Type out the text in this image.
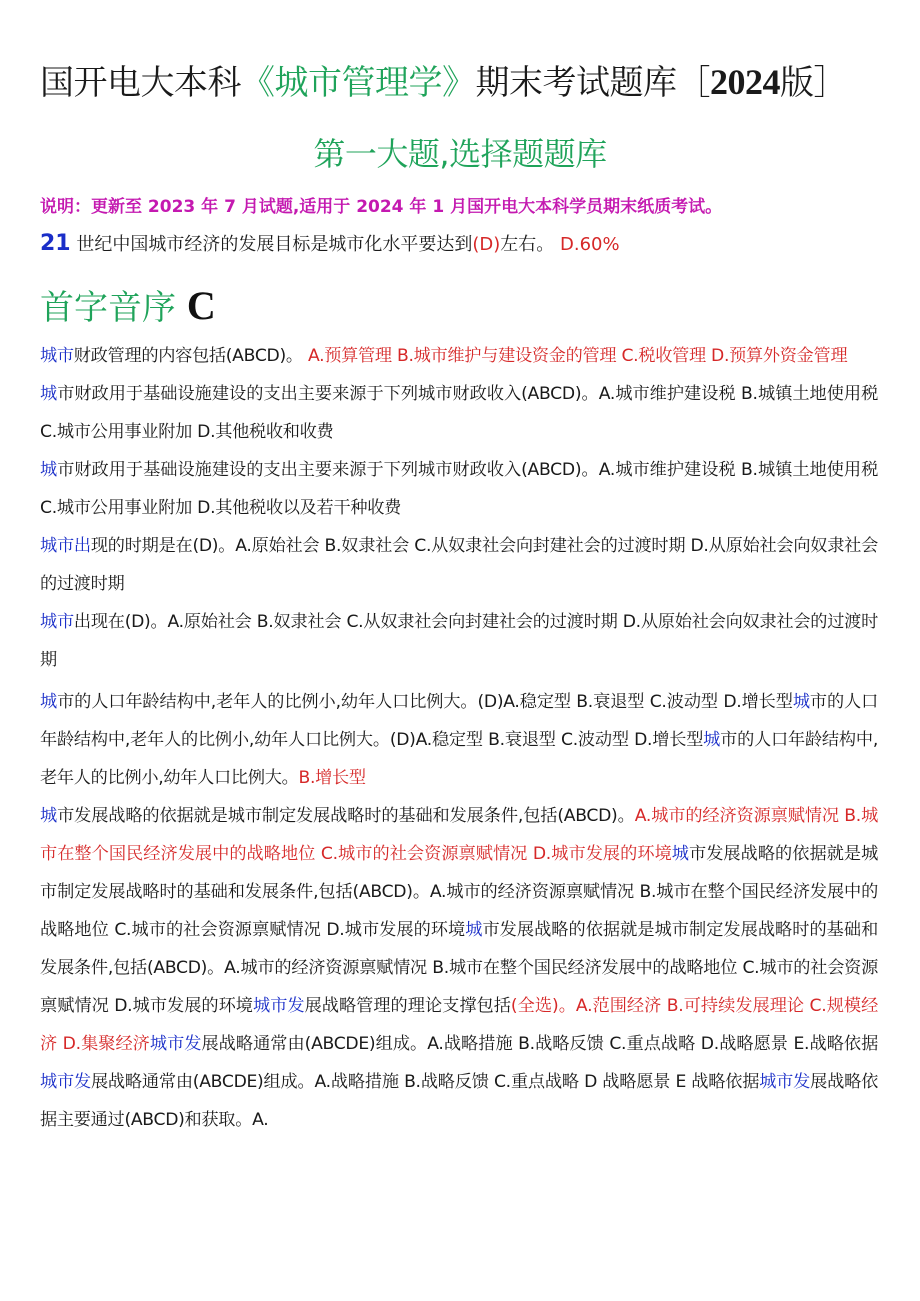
国开电大本科《城市管理学》期末考试题库［2024版］
第一大题,选择题题库
说明：更新至 2023 年 7 月试题,适用于 2024 年 1 月国开电大本科学员期末纸质考试。
21 世纪中国城市经济的发展目标是城市化水平要达到(D)左右。 D.60%
首字音序 C

城市财政管理的内容包括(ABCD)。 A.预算管理 B.城市维护与建设资金的管理 C.税收管理 D.预算外资金管理

城市财政用于基础设施建设的支出主要来源于下列城市财政收入(ABCD)。A.城市维护建设税 B.城镇土地使用税 C.城市公用事业附加 D.其他税收和收费

城市财政用于基础设施建设的支出主要来源于下列城市财政收入(ABCD)。A.城市维护建设税 B.城镇土地使用税 C.城市公用事业附加 D.其他税收以及若干种收费

城市出现的时期是在(D)。A.原始社会 B.奴隶社会 C.从奴隶社会向封建社会的过渡时期 D.从原始社会向奴隶社会的过渡时期

城市出现在(D)。A.原始社会 B.奴隶社会 C.从奴隶社会向封建社会的过渡时期 D.从原始社会向奴隶社会的过渡时期

城市的人口年龄结构中,老年人的比例小,幼年人口比例大。(D)A.稳定型 B.衰退型 C.波动型 D.增长型城市的人口年龄结构中,老年人的比例小,幼年人口比例大。(D)A.稳定型 B.衰退型 C.波动型 D.增长型城市的人口年龄结构中,老年人的比例小,幼年人口比例大。B.增长型

城市发展战略的依据就是城市制定发展战略时的基础和发展条件,包括(ABCD)。A.城市的经济资源禀赋情况 B.城市在整个国民经济发展中的战略地位 C.城市的社会资源禀赋情况 D.城市发展的环境城市发展战略的依据就是城市制定发展战略时的基础和发展条件,包括(ABCD)。A.城市的经济资源禀赋情况 B.城市在整个国民经济发展中的战略地位 C.城市的社会资源禀赋情况 D.城市发展的环境城市发展战略的依据就是城市制定发展战略时的基础和发展条件,包括(ABCD)。A.城市的经济资源禀赋情况 B.城市在整个国民经济发展中的战略地位 C.城市的社会资源禀赋情况 D.城市发展的环境城市发展战略管理的理论支撑包括(全选)。A.范围经济 B.可持续发展理论 C.规模经济 D.集聚经济城市发展战略通常由(ABCDE)组成。A.战略措施 B.战略反馈 C.重点战略 D.战略愿景 E.战略依据城市发展战略通常由(ABCDE)组成。A.战略措施 B.战略反馈 C.重点战略 D 战略愿景 E 战略依据城市发展战略依据主要通过(ABCD)和获取。A.
